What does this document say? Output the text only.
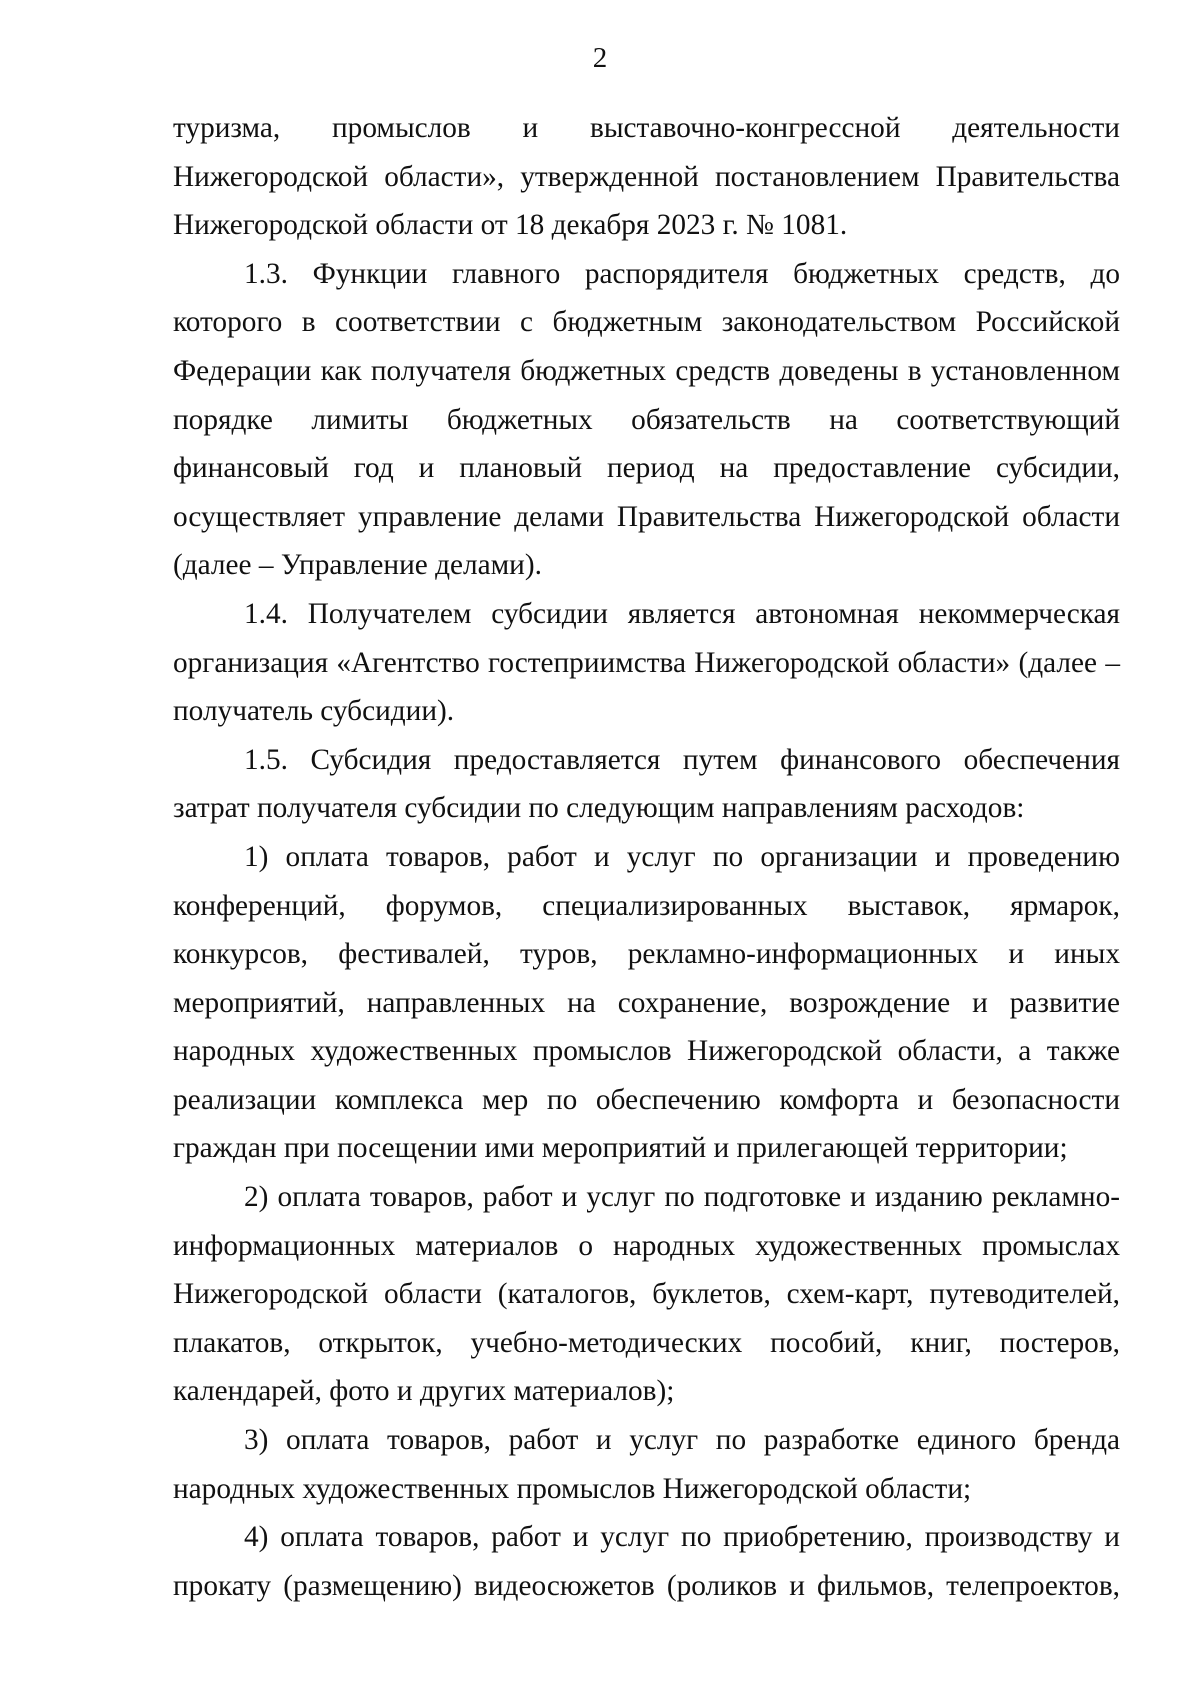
2

туризма, промыслов и выставочно-конгрессной деятельности Нижегородской области», утвержденной постановлением Правительства Нижегородской области от 18 декабря 2023 г. № 1081.

1.3. Функции главного распорядителя бюджетных средств, до которого в соответствии с бюджетным законодательством Российской Федерации как получателя бюджетных средств доведены в установленном порядке лимиты бюджетных обязательств на соответствующий финансовый год и плановый период на предоставление субсидии, осуществляет управление делами Правительства Нижегородской области (далее – Управление делами).

1.4. Получателем субсидии является автономная некоммерческая организация «Агентство гостеприимства Нижегородской области» (далее – получатель субсидии).

1.5. Субсидия предоставляется путем финансового обеспечения затрат получателя субсидии по следующим направлениям расходов:

1) оплата товаров, работ и услуг по организации и проведению конференций, форумов, специализированных выставок, ярмарок, конкурсов, фестивалей, туров, рекламно-информационных и иных мероприятий, направленных на сохранение, возрождение и развитие народных художественных промыслов Нижегородской области, а также реализации комплекса мер по обеспечению комфорта и безопасности граждан при посещении ими мероприятий и прилегающей территории;

2) оплата товаров, работ и услуг по подготовке и изданию рекламно-информационных материалов о народных художественных промыслах Нижегородской области (каталогов, буклетов, схем-карт, путеводителей, плакатов, открыток, учебно-методических пособий, книг, постеров, календарей, фото и других материалов);

3) оплата товаров, работ и услуг по разработке единого бренда народных художественных промыслов Нижегородской области;

4) оплата товаров, работ и услуг по приобретению, производству и прокату (размещению) видеосюжетов (роликов и фильмов, телепроектов,
